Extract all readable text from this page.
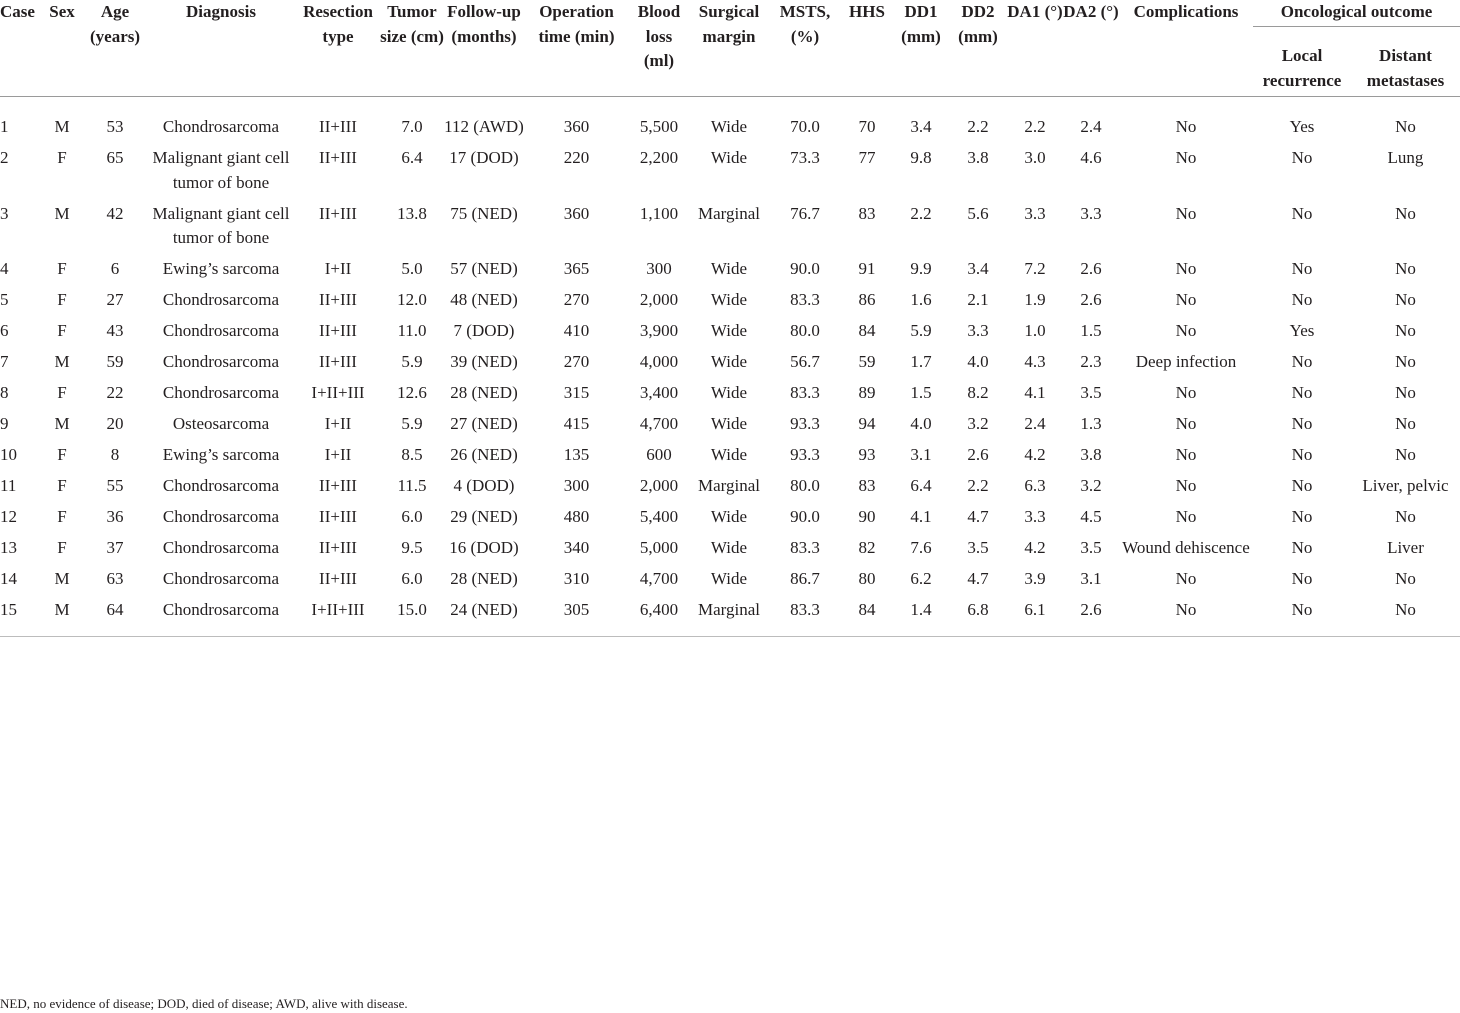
Case	Sex	Age (years)	Diagnosis	Resection type	Tumor size (cm)	Follow-up (months)	Operation time (min)	Blood loss (ml)	Surgical margin	MSTS, (%)	HHS	DD1 (mm)	DD2 (mm)	DA1 (°)	DA2 (°)	Complications	Oncological outcome	
																	Local recurrence	Distant metastases
1	M	53	Chondrosarcoma	II+III	7.0	112 (AWD)	360	5,500	Wide	70.0	70	3.4	2.2	2.2	2.4	No	Yes	No
2	F	65	Malignant giant cell tumor of bone	II+III	6.4	17 (DOD)	220	2,200	Wide	73.3	77	9.8	3.8	3.0	4.6	No	No	Lung
3	M	42	Malignant giant cell tumor of bone	II+III	13.8	75 (NED)	360	1,100	Marginal	76.7	83	2.2	5.6	3.3	3.3	No	No	No
4	F	6	Ewing’s sarcoma	I+II	5.0	57 (NED)	365	300	Wide	90.0	91	9.9	3.4	7.2	2.6	No	No	No
5	F	27	Chondrosarcoma	II+III	12.0	48 (NED)	270	2,000	Wide	83.3	86	1.6	2.1	1.9	2.6	No	No	No
6	F	43	Chondrosarcoma	II+III	11.0	7 (DOD)	410	3,900	Wide	80.0	84	5.9	3.3	1.0	1.5	No	Yes	No
7	M	59	Chondrosarcoma	II+III	5.9	39 (NED)	270	4,000	Wide	56.7	59	1.7	4.0	4.3	2.3	Deep infection	No	No
8	F	22	Chondrosarcoma	I+II+III	12.6	28 (NED)	315	3,400	Wide	83.3	89	1.5	8.2	4.1	3.5	No	No	No
9	M	20	Osteosarcoma	I+II	5.9	27 (NED)	415	4,700	Wide	93.3	94	4.0	3.2	2.4	1.3	No	No	No
10	F	8	Ewing’s sarcoma	I+II	8.5	26 (NED)	135	600	Wide	93.3	93	3.1	2.6	4.2	3.8	No	No	No
11	F	55	Chondrosarcoma	II+III	11.5	4 (DOD)	300	2,000	Marginal	80.0	83	6.4	2.2	6.3	3.2	No	No	Liver, pelvic
12	F	36	Chondrosarcoma	II+III	6.0	29 (NED)	480	5,400	Wide	90.0	90	4.1	4.7	3.3	4.5	No	No	No
13	F	37	Chondrosarcoma	II+III	9.5	16 (DOD)	340	5,000	Wide	83.3	82	7.6	3.5	4.2	3.5	Wound dehiscence	No	Liver
14	M	63	Chondrosarcoma	II+III	6.0	28 (NED)	310	4,700	Wide	86.7	80	6.2	4.7	3.9	3.1	No	No	No
15	M	64	Chondrosarcoma	I+II+III	15.0	24 (NED)	305	6,400	Marginal	83.3	84	1.4	6.8	6.1	2.6	No	No	No
NED, no evidence of disease; DOD, died of disease; AWD, alive with disease.
